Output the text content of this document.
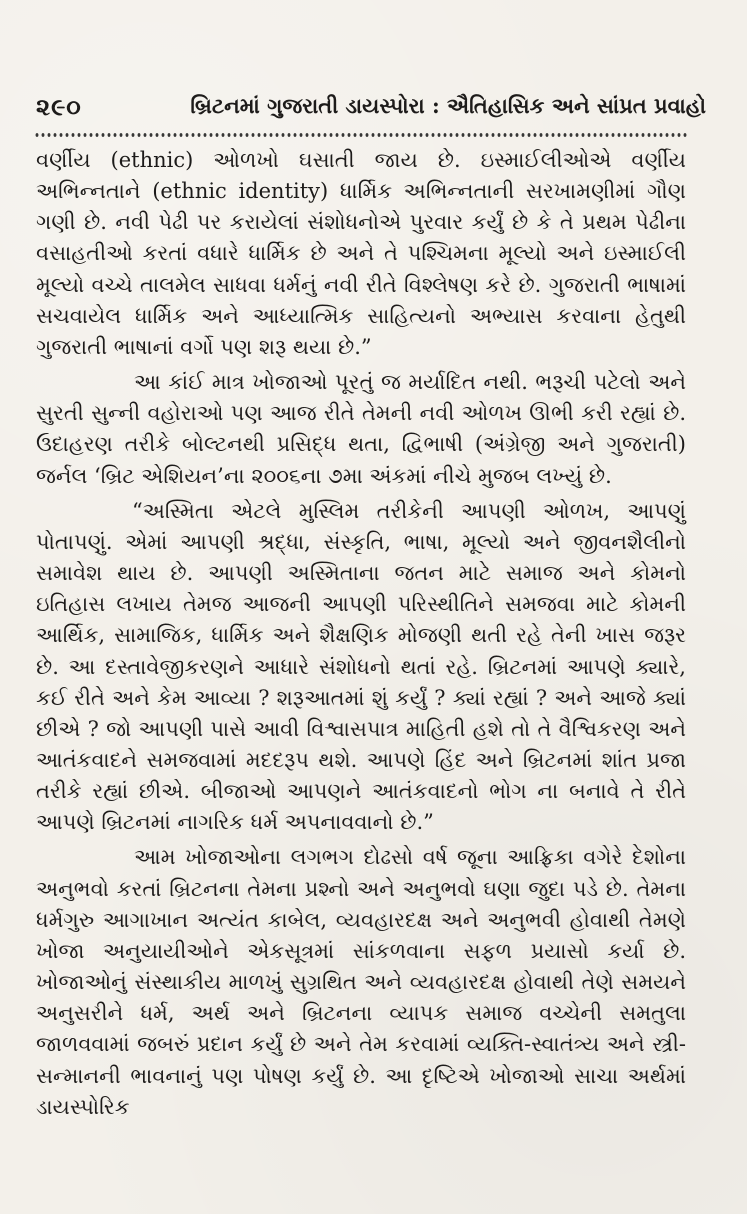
૨૯૦	બ્રિટનમાં ગુજરાતી ડાયસ્પોરા : ઐતિહાસિક અને સાંપ્રત પ્રવાહો

વર્ણીય (ethnic) ઓળખો ઘસાતી જાય છે. ઇસ્માઈલીઓએ વર્ણીય અભિન્નતાને (ethnic identity) ધાર્મિક અભિન્નતાની સરખામણીમાં ગૌણ ગણી છે. નવી પેઢી પર કરાયેલાં સંશોધનોએ પુરવાર કર્યું છે કે તે પ્રથમ પેઢીના વસાહતીઓ કરતાં વધારે ધાર્મિક છે અને તે પશ્ચિમના મૂલ્યો અને ઇસ્માઈલી મૂલ્યો વચ્ચે તાલમેલ સાધવા ધર્મનું નવી રીતે વિશ્લેષણ કરે છે. ગુજરાતી ભાષામાં સચવાયેલ ધાર્મિક અને આધ્યાત્મિક સાહિત્યનો અભ્યાસ કરવાના હેતુથી ગુજરાતી ભાષાનાં વર્ગો પણ શરૂ થયા છે.”

આ કાંઈ માત્ર ખોજાઓ પૂરતું જ મર્યાદિત નથી. ભરૂચી પટેલો અને સુરતી સુન્ની વહોરાઓ પણ આજ રીતે તેમની નવી ઓળખ ઊભી કરી રહ્યાં છે. ઉદાહરણ તરીકે બોલ્ટનથી પ્રસિદ્ધ થતા, દ્વિભાષી (અંગ્રેજી અને ગુજરાતી) જર્નલ ‘બ્રિટ એશિયન’ના ૨૦૦૬ના ૭મા અંકમાં નીચે મુજબ લખ્યું છે.

“અસ્મિતા એટલે મુસ્લિમ તરીકેની આપણી ઓળખ, આપણું પોતાપણું. એમાં આપણી શ્રદ્ધા, સંસ્કૃતિ, ભાષા, મૂલ્યો અને જીવનશૈલીનો સમાવેશ થાય છે. આપણી અસ્મિતાના જતન માટે સમાજ અને કોમનો ઇતિહાસ લખાય તેમજ આજની આપણી પરિસ્થીતિને સમજવા માટે કોમની આર્થિક, સામાજિક, ધાર્મિક અને શૈક્ષણિક મોજણી થતી રહે તેની ખાસ જરૂર છે. આ દસ્તાવેજીકરણને આધારે સંશોધનો થતાં રહે. બ્રિટનમાં આપણે ક્યારે, કઈ રીતે અને કેમ આવ્યા ? શરૂઆતમાં શું કર્યું ? ક્યાં રહ્યાં ? અને આજે ક્યાં છીએ ? જો આપણી પાસે આવી વિશ્વાસપાત્ર માહિતી હશે તો તે વૈશ્વિકરણ અને આતંકવાદને સમજવામાં મદદરૂપ થશે. આપણે હિંદ અને બ્રિટનમાં શાંત પ્રજા તરીકે રહ્યાં છીએ. બીજાઓ આપણને આતંકવાદનો ભોગ ના બનાવે તે રીતે આપણે બ્રિટનમાં નાગરિક ધર્મ અપનાવવાનો છે.”

આમ ખોજાઓના લગભગ દોઢસો વર્ષ જૂના આફ્રિકા વગેરે દેશોના અનુભવો કરતાં બ્રિટનના તેમના પ્રશ્નો અને અનુભવો ઘણા જુદા પડે છે. તેમના ધર્મગુરુ આગાખાન અત્યંત કાબેલ, વ્યવહારદક્ષ અને અનુભવી હોવાથી તેમણે ખોજા અનુયાયીઓને એકસૂત્રમાં સાંકળવાના સફળ પ્રયાસો કર્યા છે. ખોજાઓનું સંસ્થાકીય માળખું સુગ્રથિત અને વ્યવહારદક્ષ હોવાથી તેણે સમયને અનુસરીને ધર્મ, અર્થ અને બ્રિટનના વ્યાપક સમાજ વચ્ચેની સમતુલા જાળવવામાં જબરું પ્રદાન કર્યું છે અને તેમ કરવામાં વ્યક્તિ-સ્વાતંત્ર્ય અને સ્ત્રી-સન્માનની ભાવનાનું પણ પોષણ કર્યું છે. આ દૃષ્ટિએ ખોજાઓ સાચા અર્થમાં ડાયસ્પોરિક
